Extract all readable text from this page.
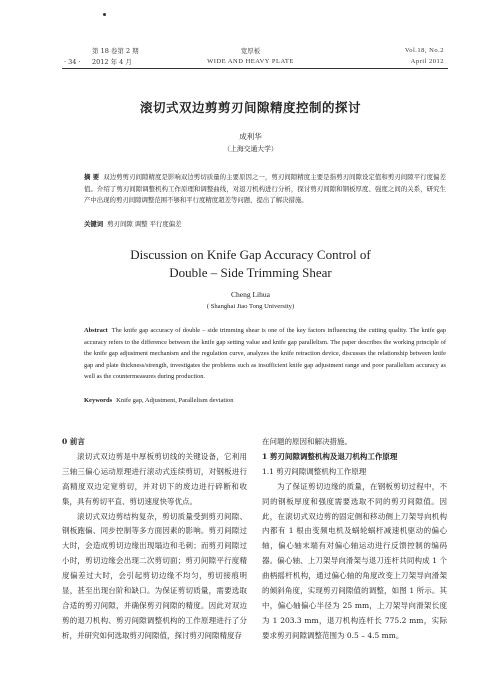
第 18 卷第 2 期
· 34 · 2012 年 4 月
宽厚板
WIDE AND HEAVY PLATE
Vol.18, No.2
April 2012
滚切式双边剪剪刃间隙精度控制的探讨
成利华
（上海交通大学）
摘 要 双边剪剪刃间隙精度是影响双边剪切质量的主要原因之一，剪刃间隙精度主要是指剪刃间隙设定值和剪刃间隙平行度偏差值。介绍了剪刃间隙调整机构工作原理和调整曲线，对退刀机构进行分析，探讨剪刃间隙和钢板厚度、强度之间的关系，研究生产中出现的剪刃间隙调整范围不够和平行度精度超差等问题，提出了解决措施。
关键词 剪刃间隙 调整 平行度偏差
Discussion on Knife Gap Accuracy Control of
Double – Side Trimming Shear
Cheng Lihua
( Shanghai Jiao Tong University)
Abstract The knife gap accuracy of double – side trimming shear is one of the key factors influencing the cutting quality. The knife gap accuracy refers to the difference between the knife gap setting value and knife gap parallelism. The paper describes the working principle of the knife gap adjustment mechanism and the regulation curve, analyzes the knife retraction device, discusses the relationship between knife gap and plate thickness/strength, investigates the problems such as insufficient knife gap adjustment range and poor parallelism accuracy as well as the countermeasures during production.
Keywords Knife gap, Adjustment, Parallelism deviation

0 前言

滚切式双边剪是中厚板剪切线的关键设备，它利用三轴三偏心运动原理进行滚动式连续剪切，对钢板进行高精度双边定宽剪切，并对切下的废边进行碎断和收集，具有剪切平直、剪切速度快等优点。

滚切式双边剪结构复杂，剪切质量受到剪刃间隙、钢板跑偏、同步控制等多方面因素的影响。剪刃间隙过大时，会造成剪切边缘出现塌边和毛刺；而剪刃间隙过小时，剪切边缘会出现二次剪切面；剪刃间隙平行度精度偏差过大时，会引起剪切边缘不均匀，剪切接痕明显，甚至出现台阶和缺口。为保证剪切质量，需要选取合适的剪刃间隙，并确保剪刃间隙的精度。因此对双边剪的退刀机构、剪刃间隙调整机构的工作原理进行了分析，并研究如何选取剪刃间隙值，探讨剪刃间隙精度存

在问题的原因和解决措施。

1 剪刃间隙调整机构及退刀机构工作原理

1.1 剪刃间隙调整机构工作原理

为了保证剪切边缘的质量，在钢板剪切过程中，不同的钢板厚度和强度需要选取不同的剪刃间隙值。因此，在滚切式双边剪的固定侧和移动侧上刀架导向机构内都有 1 根由变频电机及蜗轮蜗杆减速机驱动的偏心轴，偏心轴末端有对偏心轴运动进行反馈控制的编码器。偏心轴、上刀架导向滑架与退刀连杆共同构成 1 个曲柄摇杆机构，通过偏心轴的角度改变上刀架导向滑架的倾斜角度，实现剪刃间隙值的调整，如图 1 所示。其中，偏心轴偏心半径为 25 mm，上刀架导向滑架长度为 1 203.3 mm，退刀机构连杆长 775.2 mm，实际要求剪刃间隙调整范围为 0.5 – 4.5 mm。
